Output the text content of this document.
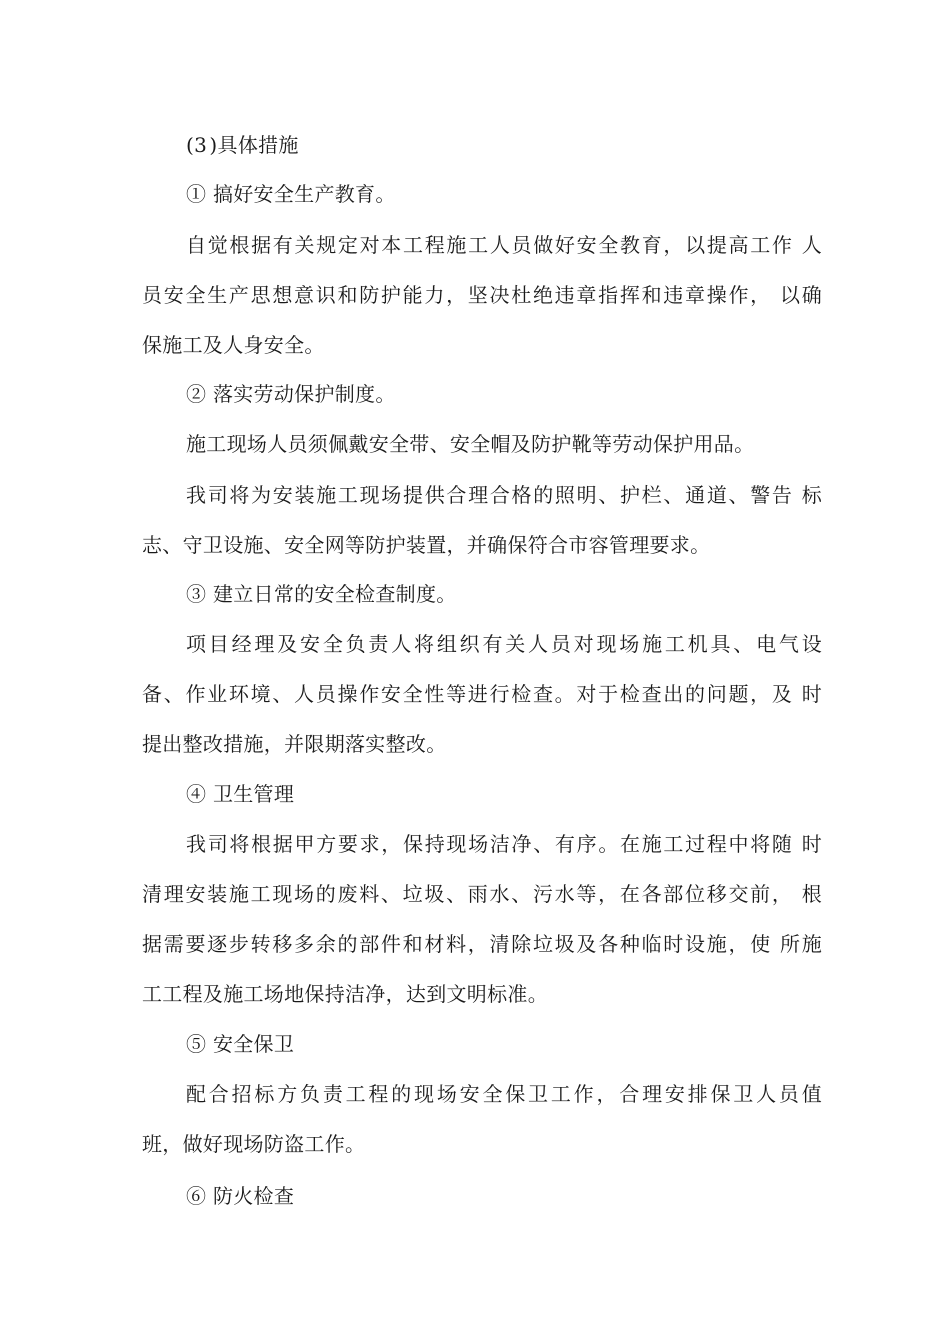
(3 )具体措施
① 搞好安全生产教育。
自觉根据有关规定对本工程施工人员做好安全教育，以提高工作 人
员安全生产思想意识和防护能力，坚决杜绝违章指挥和违章操作， 以确
保施工及人身安全。
② 落实劳动保护制度。
施工现场人员须佩戴安全带、安全帽及防护靴等劳动保护用品。
我司将为安装施工现场提供合理合格的照明、护栏、通道、警告 标
志、守卫设施、安全网等防护装置，并确保符合市容管理要求。
③ 建立日常的安全检查制度。
项目经理及安全负责人将组织有关人员对现场施工机具、电气设
备、作业环境、人员操作安全性等进行检查。对于检查出的问题，及 时
提出整改措施，并限期落实整改。
④ 卫生管理
我司将根据甲方要求，保持现场洁净、有序。在施工过程中将随 时
清理安装施工现场的废料、垃圾、雨水、污水等，在各部位移交前， 根
据需要逐步转移多余的部件和材料，清除垃圾及各种临时设施，使 所施
工工程及施工场地保持洁净，达到文明标准。
⑤ 安全保卫
配合招标方负责工程的现场安全保卫工作，合理安排保卫人员值
班，做好现场防盗工作。
⑥ 防火检查
